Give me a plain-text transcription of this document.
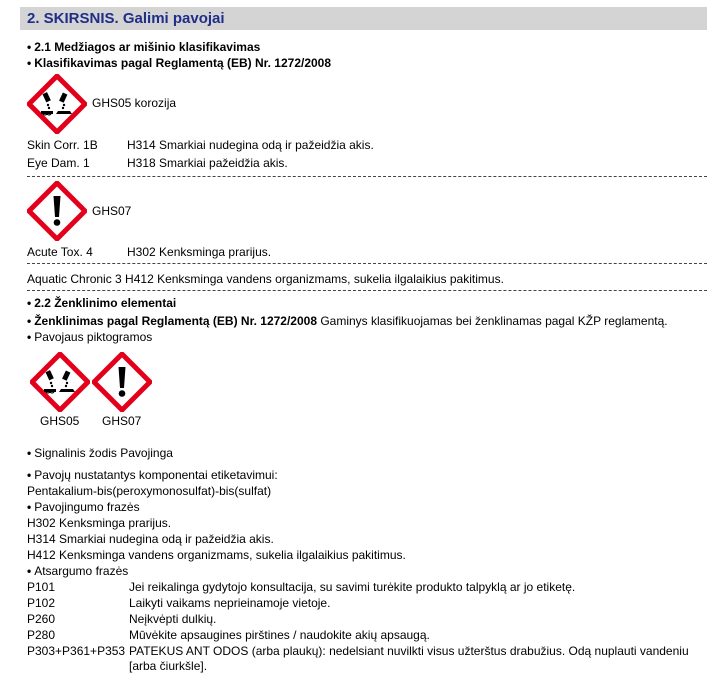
2. SKIRSNIS. Galimi pavojai
• 2.1 Medžiagos ar mišinio klasifikavimas
• Klasifikavimas pagal Reglamentą (EB) Nr. 1272/2008
GHS05 korozija
Skin Corr. 1B H314 Smarkiai nudegina odą ir pažeidžia akis.
Eye Dam. 1	H318 Smarkiai pažeidžia akis.
GHS07
Acute Tox. 4	H302 Kenksminga prarijus.
Aquatic Chronic 3 H412 Kenksminga vandens organizmams, sukelia ilgalaikius pakitimus.
• 2.2 Ženklinimo elementai
• Ženklinimas pagal Reglamentą (EB) Nr. 1272/2008 Gaminys klasifikuojamas bei ženklinamas pagal KŽP reglamentą.
• Pavojaus piktogramos
GHS05 GHS07
• Signalinis žodis Pavojinga
• Pavojų nustatantys komponentai etiketavimui:
Pentakalium-bis(peroxymonosulfat)-bis(sulfat)
• Pavojingumo frazės
H302 Kenksminga prarijus.
H314 Smarkiai nudegina odą ir pažeidžia akis.
H412 Kenksminga vandens organizmams, sukelia ilgalaikius pakitimus.
• Atsargumo frazės
P101	Jei reikalinga gydytojo konsultacija, su savimi turėkite produkto talpyklą ar jo etiketę.
P102	Laikyti vaikams neprieinamoje vietoje.
P260	Neįkvėpti dulkių.
P280	Mūvėkite apsaugines pirštines / naudokite akių apsaugą.
P303+P361+P353 PATEKUS ANT ODOS (arba plaukų): nedelsiant nuvilkti visus užterštus drabužius. Odą nuplauti vandeniu
[arba čiurkšle].
